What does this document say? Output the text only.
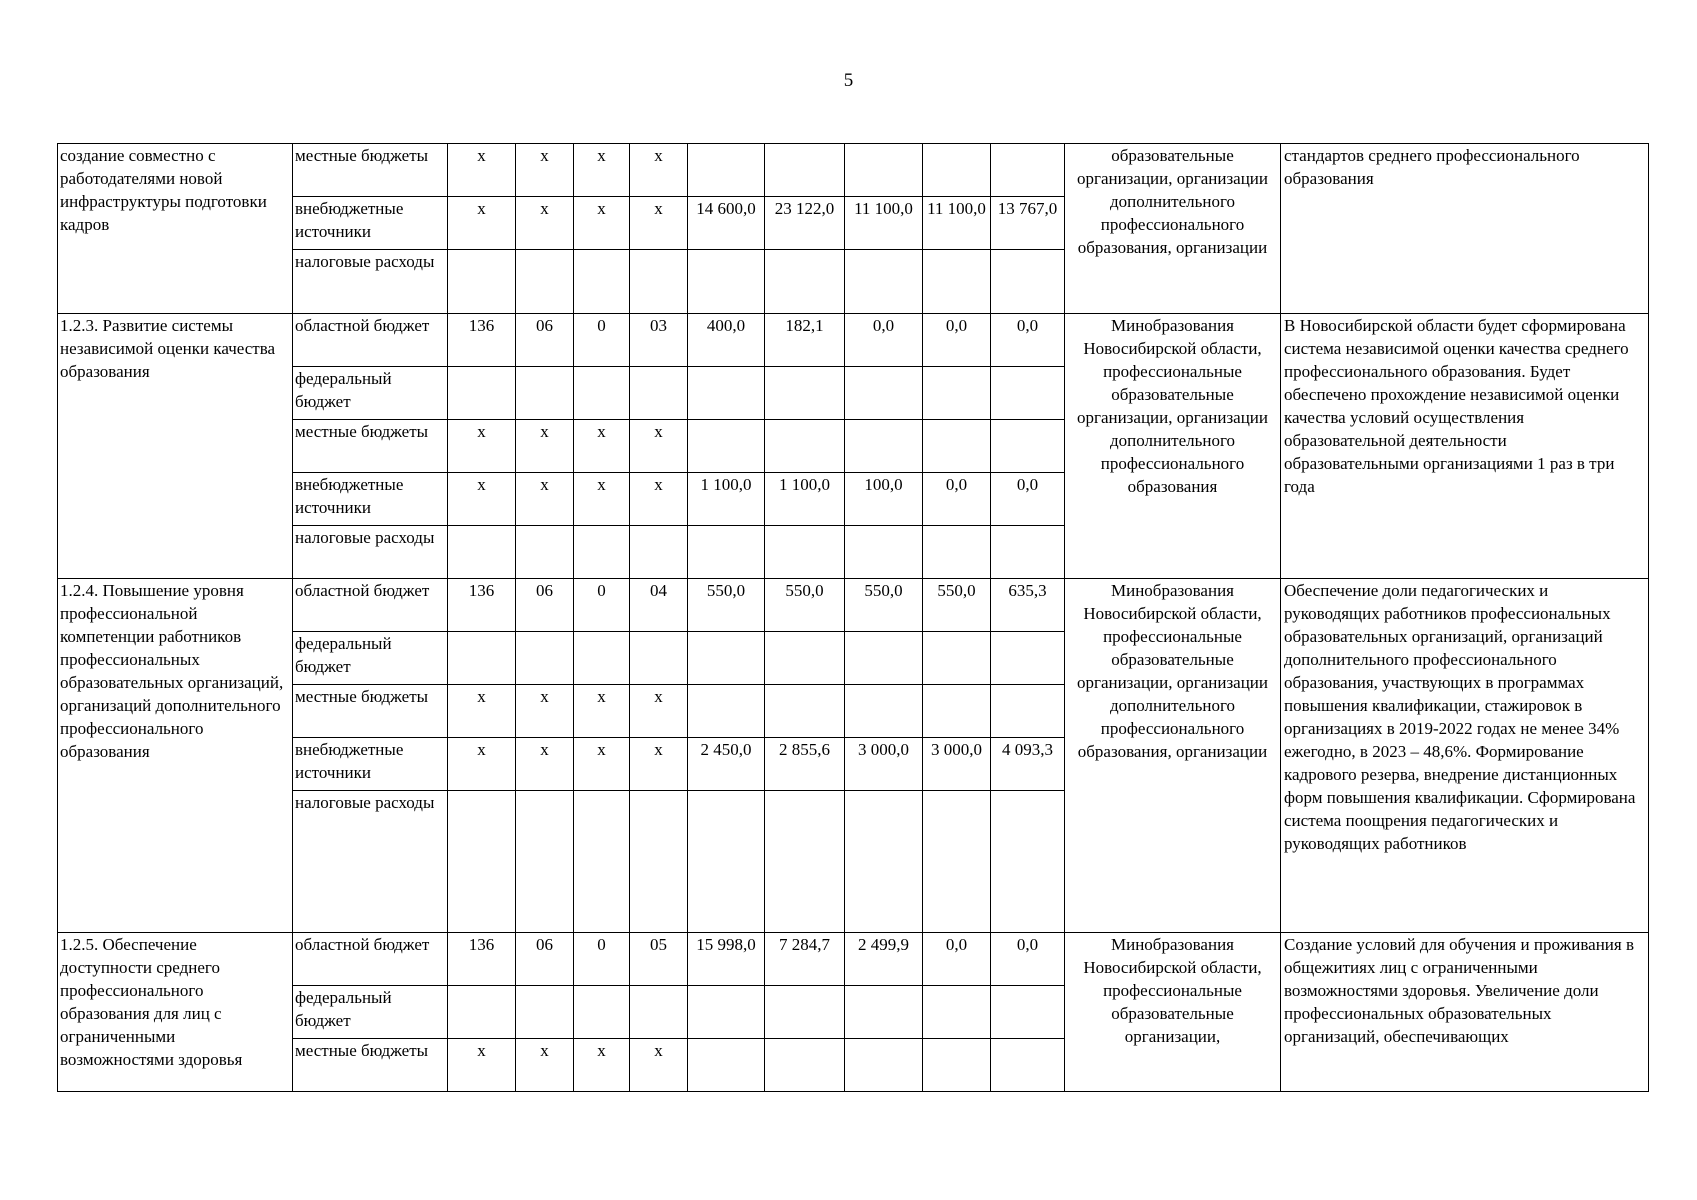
5
создание совместно с работодателями новой инфраструктуры подготовки кадров	местные бюджеты	x	x	x	x						образовательные организации, организации дополнительного профессионального образования, организации	стандартов среднего профессионального образования
	внебюджетные источники	x	x	x	x	14 600,0	23 122,0	11 100,0	11 100,0	13 767,0		
	налоговые расходы											
1.2.3. Развитие системы независимой оценки качества образования	областной бюджет	136	06	0	03	400,0	182,1	0,0	0,0	0,0	Минобразования Новосибирской области, профессиональные образовательные организации, организации дополнительного профессионального образования	В Новосибирской области будет сформирована система независимой оценки качества среднего профессионального образования. Будет обеспечено прохождение независимой оценки качества условий осуществления образовательной деятельности образовательными организациями 1 раз в три года
	федеральный бюджет											
	местные бюджеты	x	x	x	x							
	внебюджетные источники	x	x	x	x	1 100,0	1 100,0	100,0	0,0	0,0		
	налоговые расходы											
1.2.4. Повышение уровня профессиональной компетенции работников профессиональных образовательных организаций, организаций дополнительного профессионального образования	областной бюджет	136	06	0	04	550,0	550,0	550,0	550,0	635,3	Минобразования Новосибирской области, профессиональные образовательные организации, организации дополнительного профессионального образования, организации	Обеспечение доли педагогических и руководящих работников профессиональных образовательных организаций, организаций дополнительного профессионального образования, участвующих в программах повышения квалификации, стажировок в организациях в 2019-2022 годах не менее 34% ежегодно, в 2023 – 48,6%. Формирование кадрового резерва, внедрение дистанционных форм повышения квалификации. Сформирована система поощрения педагогических и руководящих работников
	федеральный бюджет											
	местные бюджеты	x	x	x	x							
	внебюджетные источники	x	x	x	x	2 450,0	2 855,6	3 000,0	3 000,0	4 093,3		
	налоговые расходы											
1.2.5. Обеспечение доступности среднего профессионального образования для лиц с ограниченными возможностями здоровья	областной бюджет	136	06	0	05	15 998,0	7 284,7	2 499,9	0,0	0,0	Минобразования Новосибирской области, профессиональные образовательные организации,	Создание условий для обучения и проживания в общежитиях лиц с ограниченными возможностями здоровья. Увеличение доли профессиональных образовательных организаций, обеспечивающих
	федеральный бюджет											
	местные бюджеты	x	x	x	x							
